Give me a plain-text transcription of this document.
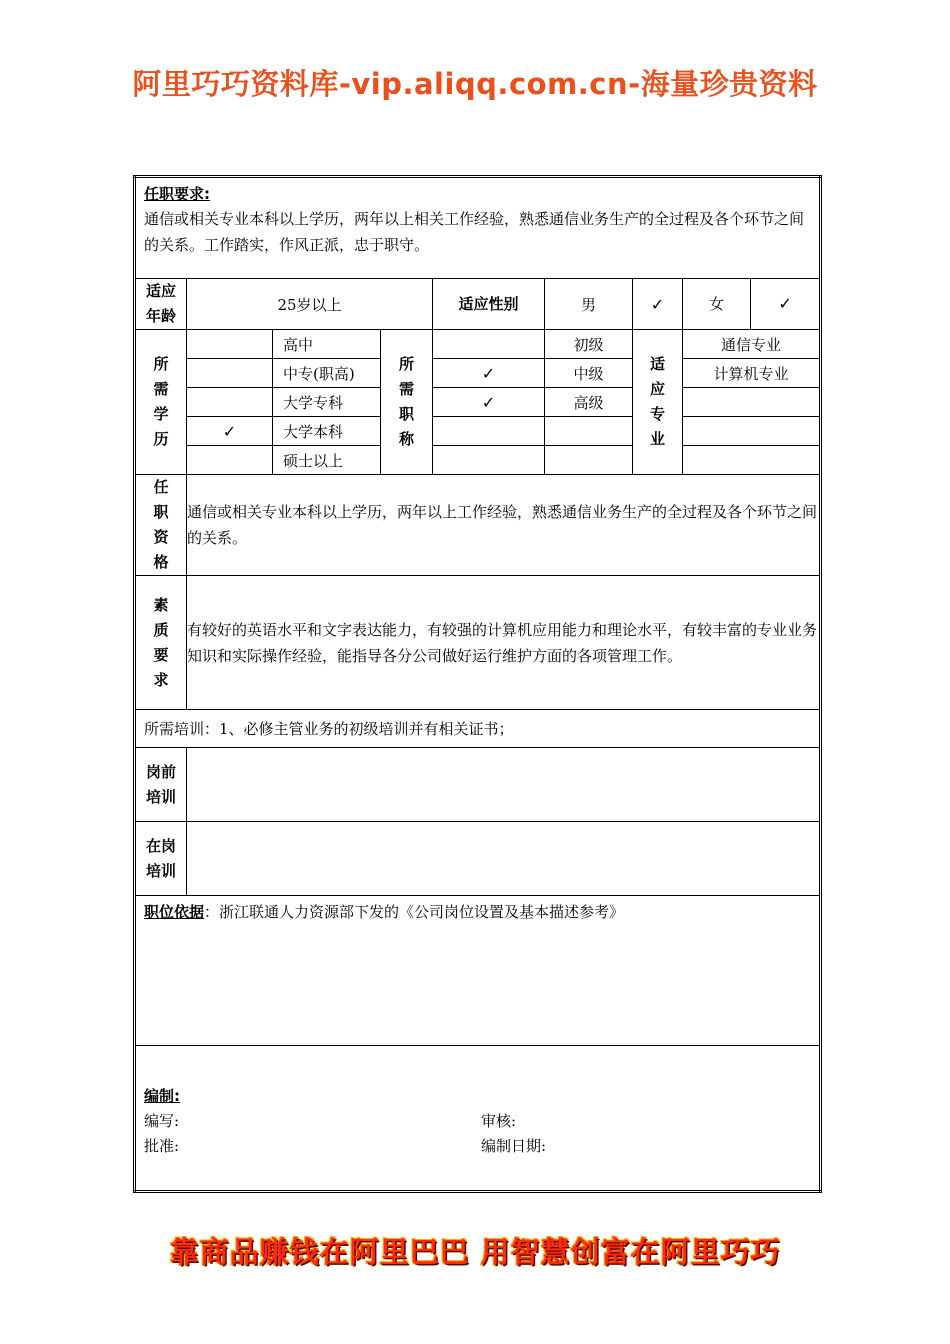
阿里巧巧资料库-vip.aliqq.com.cn-海量珍贵资料
任职要求:
通信或相关专业本科以上学历，两年以上相关工作经验，熟悉通信业务生产的全过程及各个环节之间的关系。工作踏实，作风正派，忠于职守。							

适应年龄	25岁以上			适应性别	男	✓	女 ✓

所需学历		高中	所需职称		初级	适应专业	通信专业
		中专(职高)		✓	中级		计算机专业
		大学专科		✓	高级		
	✓	大学本科					
		硕士以上					
任职资格	通信或相关专业本科以上学历，两年以上工作经验，熟悉通信业务生产的全过程及各个环节之间的关系。						
素质要求	有较好的英语水平和文字表达能力，有较强的计算机应用能力和理论水平，有较丰富的专业业务知识和实际操作经验，能指导各分公司做好运行维护方面的各项管理工作。						
所需培训：1、必修主管业务的初级培训并有相关证书；							
岗前培训							
在岗培训							
职位依据：浙江联通人力资源部下发的《公司岗位设置及基本描述参考》							

编制:
编写: 审核:
批准: 编制日期:							
靠商品赚钱在阿里巴巴 用智慧创富在阿里巧巧
